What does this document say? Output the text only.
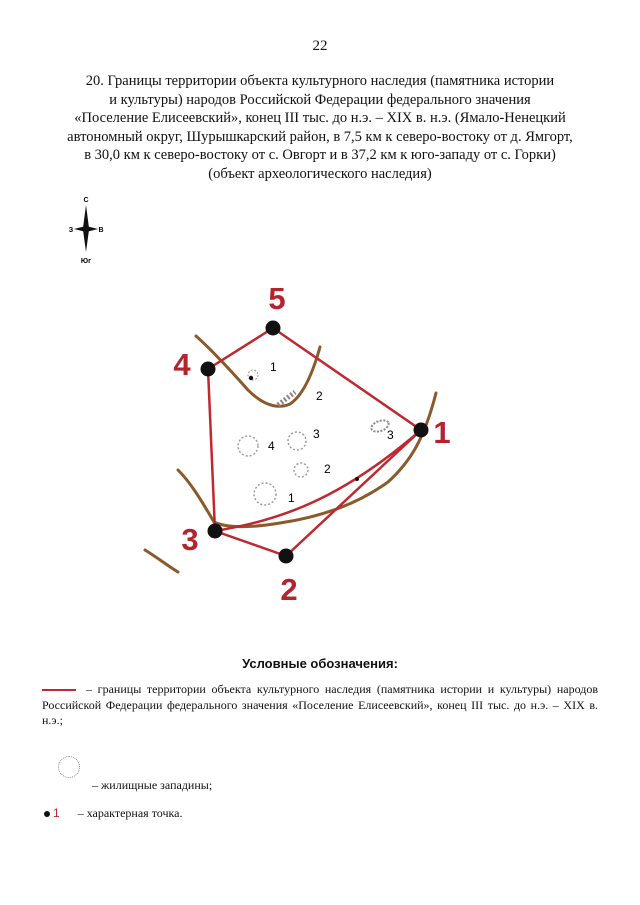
22
20. Границы территории объекта культурного наследия (памятника истории
и культуры) народов Российской Федерации федерального значения
«Поселение Елисеевский», конец III тыс. до н.э. – XIX в. н.э. (Ямало-Ненецкий
автономный округ, Шурышкарский район, в 7,5 км к северо-востоку от д. Ямгорт,
в 30,0 км к северо-востоку от с. Овгорт и в 37,2 км к юго-западу от с. Горки)
(объект археологического наследия)
С
З	В
Юг
1
2
3
4
3
2
1
5
4
1
3
2
Условные обозначения:
– границы территории объекта культурного наследия (памятника истории и культуры) народов Российской Федерации федерального значения «Поселение Елисеевский», конец III тыс. до н.э. – XIX в. н.э.;
– жилищные западины;
1 – характерная точка.
